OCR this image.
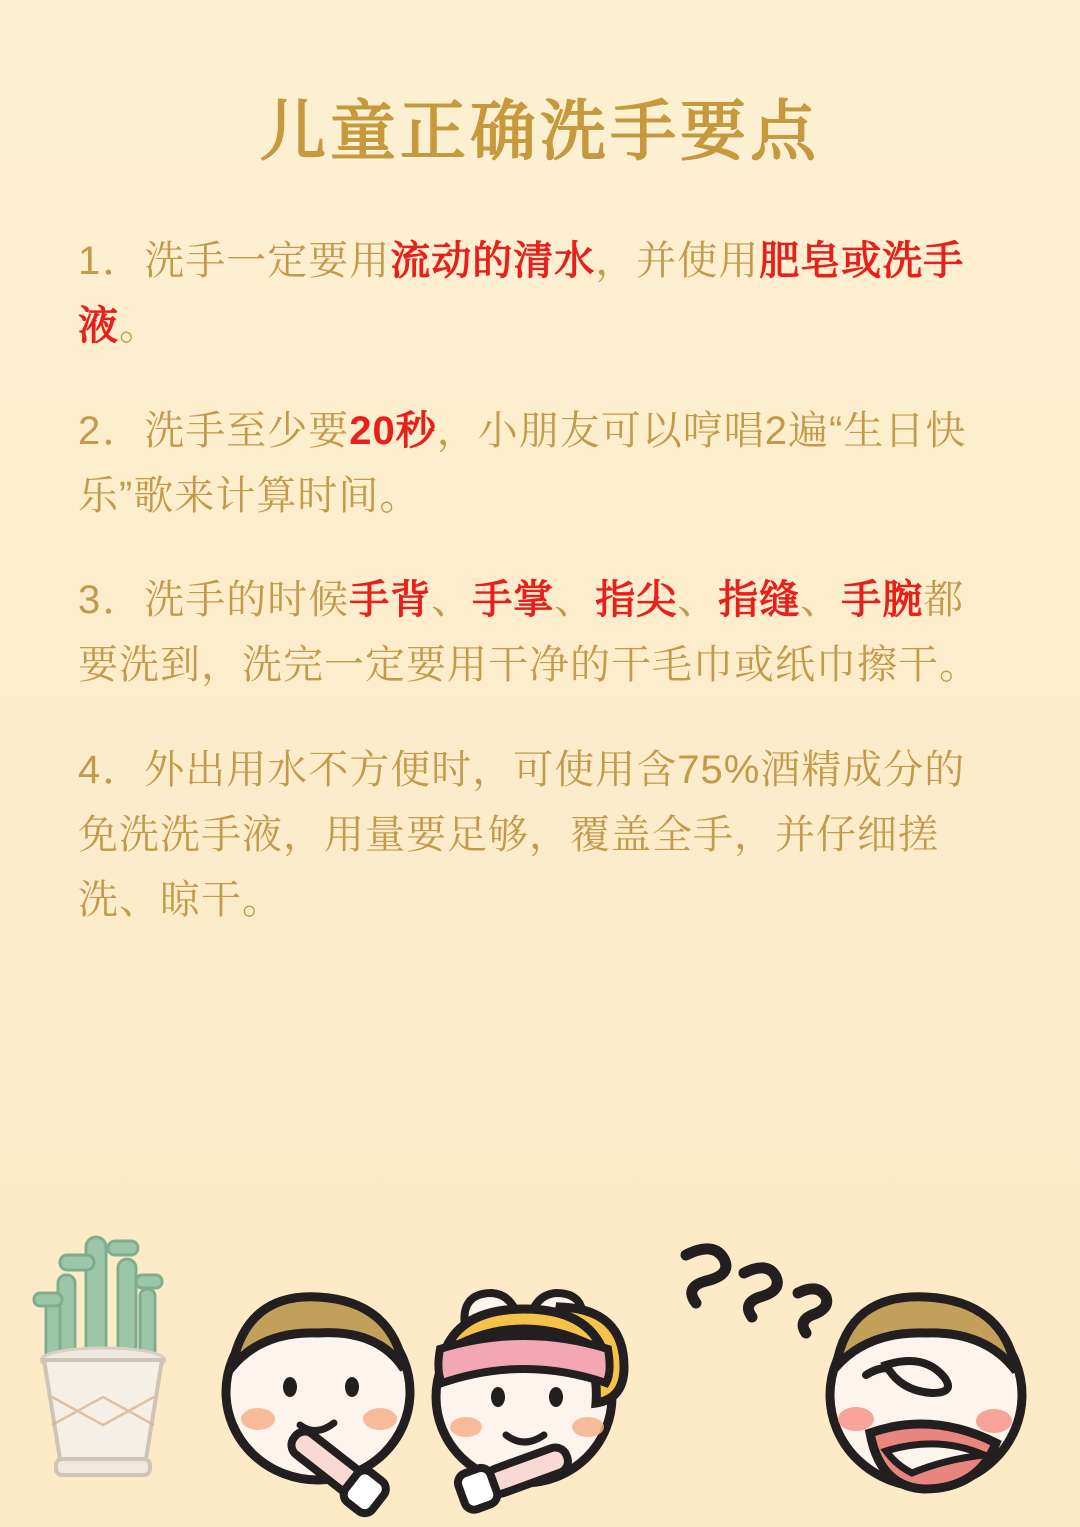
儿童正确洗手要点
1．洗手一定要用流动的清水，并使用肥皂或洗手液。
2．洗手至少要20秒，小朋友可以哼唱2遍“生日快乐”歌来计算时间。
3．洗手的时候手背、手掌、指尖、指缝、手腕都要洗到，洗完一定要用干净的干毛巾或纸巾擦干。
4．外出用水不方便时，可使用含75%酒精成分的免洗洗手液，用量要足够，覆盖全手，并仔细搓洗、晾干。
